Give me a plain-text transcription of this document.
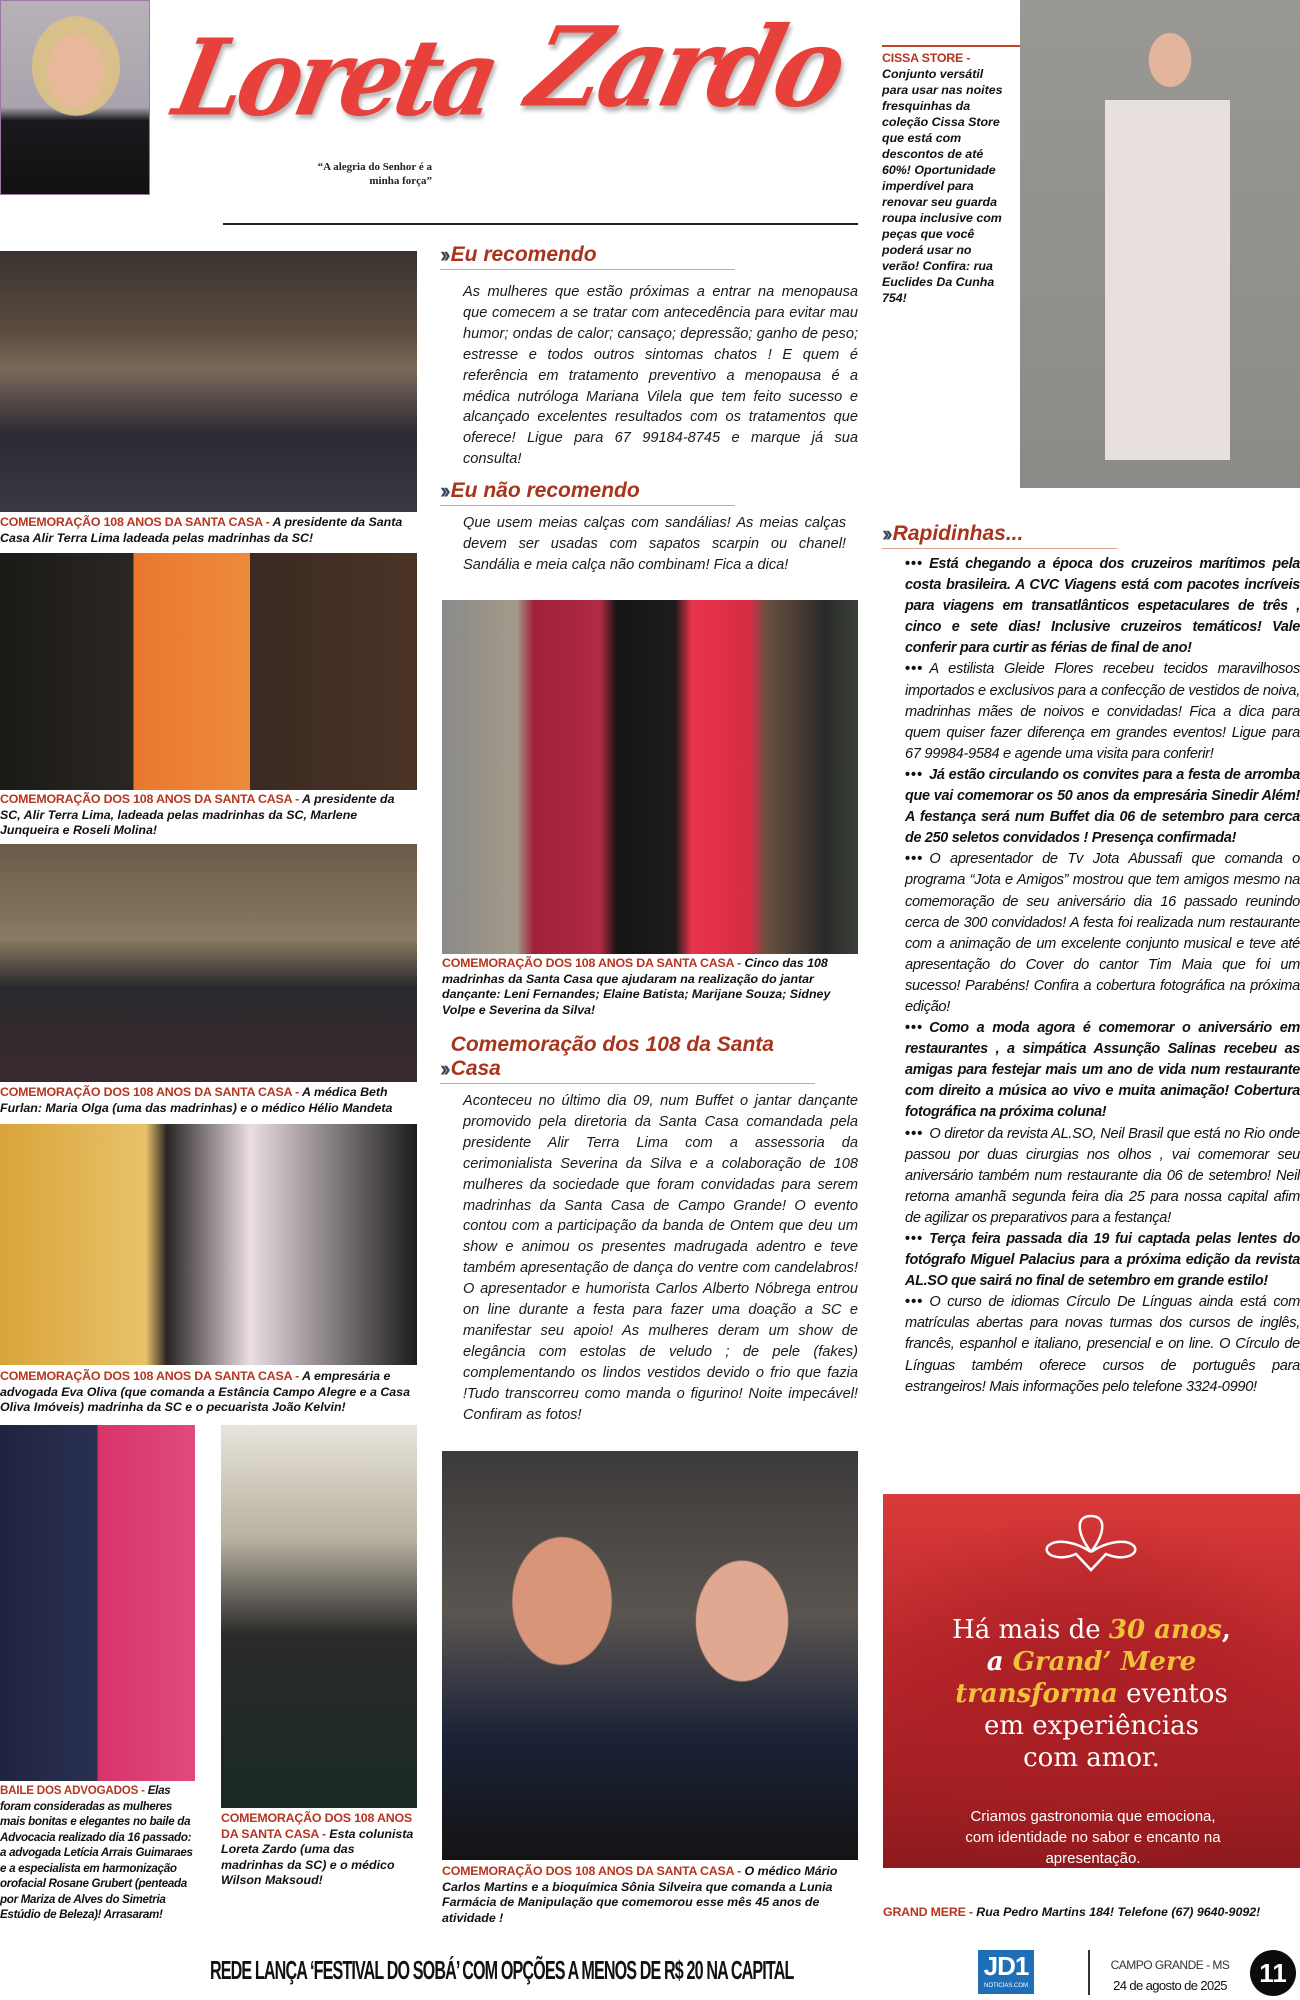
Loreta Zardo
“A alegria do Senhor é a minha força”
CISSA STORE - Conjunto versátil para usar nas noites fresquinhas da coleção Cissa Store que está com descontos de até 60%! Oportunidade imperdível para renovar seu guarda roupa inclusive com peças que você poderá usar no verão! Confira: rua Euclides Da Cunha 754!
COMEMORAÇÃO 108 ANOS DA SANTA CASA - A presidente da Santa Casa Alir Terra Lima ladeada pelas madrinhas da SC!
COMEMORAÇÃO DOS 108 ANOS DA SANTA CASA - A presidente da SC, Alir Terra Lima, ladeada pelas madrinhas da SC, Marlene Junqueira e Roseli Molina!
COMEMORAÇÃO DOS 108 ANOS DA SANTA CASA - A médica Beth Furlan: Maria Olga (uma das madrinhas) e o médico Hélio Mandeta
COMEMORAÇÃO DOS 108 ANOS DA SANTA CASA - A empresária e advogada Eva Oliva (que comanda a Estância Campo Alegre e a Casa Oliva Imóveis) madrinha da SC e o pecuarista João Kelvin!
BAILE DOS ADVOGADOS - Elas foram consideradas as mulheres mais bonitas e elegantes no baile da Advocacia realizado dia 16 passado: a advogada Letícia Arrais Guimaraes e a especialista em harmonização orofacial Rosane Grubert (penteada por Mariza de Alves do Simetria Estúdio de Beleza)! Arrasaram!
COMEMORAÇÃO DOS 108 ANOS DA SANTA CASA - Esta colunista Loreta Zardo (uma das madrinhas da SC) e o médico Wilson Maksoud!
›› Eu recomendo
As mulheres que estão próximas a entrar na menopausa que comecem a se tratar com antecedência para evitar mau humor; ondas de calor; cansaço; depressão; ganho de peso; estresse e todos outros sintomas chatos ! E quem é referência em tratamento preventivo a menopausa é a médica nutróloga Mariana Vilela que tem feito sucesso e alcançado excelentes resultados com os tratamentos que oferece! Ligue para 67 99184-8745 e marque já sua consulta!
›› Eu não recomendo
Que usem meias calças com sandálias! As meias calças devem ser usadas com sapatos scarpin ou chanel! Sandália e meia calça não combinam! Fica a dica!
COMEMORAÇÃO DOS 108 ANOS DA SANTA CASA - Cinco das 108 madrinhas da Santa Casa que ajudaram na realização do jantar dançante: Leni Fernandes; Elaine Batista; Marijane Souza; Sidney Volpe e Severina da Silva!
››
Comemoração dos 108 da Santa Casa
Aconteceu no último dia 09, num Buffet o jantar dançante promovido pela diretoria da Santa Casa comandada pela presidente Alir Terra Lima com a assessoria da cerimonialista Severina da Silva e a colaboração de 108 mulheres da sociedade que foram convidadas para serem madrinhas da Santa Casa de Campo Grande! O evento contou com a participação da banda de Ontem que deu um show e animou os presentes madrugada adentro e teve também apresentação de dança do ventre com candelabros! O apresentador e humorista Carlos Alberto Nóbrega entrou on line durante a festa para fazer uma doação a SC e manifestar seu apoio! As mulheres deram um show de elegância com estolas de veludo ; de pele (fakes) complementando os lindos vestidos devido o frio que fazia !Tudo transcorreu como manda o figurino! Noite impecável! Confiram as fotos!
COMEMORAÇÃO DOS 108 ANOS DA SANTA CASA - O médico Mário Carlos Martins e a bioquímica Sônia Silveira que comanda a Lunia Farmácia de Manipulação que comemorou esse mês 45 anos de atividade !
›› Rapidinhas...

••• Está chegando a época dos cruzeiros marítimos pela costa brasileira. A CVC Viagens está com pacotes incríveis para viagens em transatlânticos espetaculares de três , cinco e sete dias! Inclusive cruzeiros temáticos! Vale conferir para curtir as férias de final de ano!

••• A estilista Gleide Flores recebeu tecidos maravilhosos importados e exclusivos para a confecção de vestidos de noiva, madrinhas mães de noivos e convidadas! Fica a dica para quem quiser fazer diferença em grandes eventos! Ligue para 67 99984-9584 e agende uma visita para conferir!

••• Já estão circulando os convites para a festa de arromba que vai comemorar os 50 anos da empresária Sinedir Além! A festança será num Buffet dia 06 de setembro para cerca de 250 seletos convidados ! Presença confirmada!

••• O apresentador de Tv Jota Abussafi que comanda o programa “Jota e Amigos” mostrou que tem amigos mesmo na comemoração de seu aniversário dia 16 passado reunindo cerca de 300 convidados! A festa foi realizada num restaurante com a animação de um excelente conjunto musical e teve até apresentação do Cover do cantor Tim Maia que foi um sucesso! Parabéns! Confira a cobertura fotográfica na próxima edição!

••• Como a moda agora é comemorar o aniversário em restaurantes , a simpática Assunção Salinas recebeu as amigas para festejar mais um ano de vida num restaurante com direito a música ao vivo e muita animação! Cobertura fotográfica na próxima coluna!

••• O diretor da revista AL.SO, Neil Brasil que está no Rio onde passou por duas cirurgias nos olhos , vai comemorar seu aniversário também num restaurante dia 06 de setembro! Neil retorna amanhã segunda feira dia 25 para nossa capital afim de agilizar os preparativos para a festança!

••• Terça feira passada dia 19 fui captada pelas lentes do fotógrafo Miguel Palacius para a próxima edição da revista AL.SO que sairá no final de setembro em grande estilo!

••• O curso de idiomas Círculo De Línguas ainda está com matrículas abertas para novas turmas dos cursos de inglês, francês, espanhol e italiano, presencial e on line. O Círculo de Línguas também oferece cursos de português para estrangeiros! Mais informações pelo telefone 3324-0990!

Há mais de 30 anos,
a Grand’ Mere
transforma eventos
em experiências
com amor.
Criamos gastronomia que emociona, com identidade no sabor e encanto na apresentação.
GRAND MERE - Rua Pedro Martins 184! Telefone (67) 9640-9092!
REDE LANÇA ‘FESTIVAL DO SOBÁ’ COM OPÇÕES A MENOS DE R$ 20 NA CAPITAL	JD1
NOTICIAS.COM
CAMPO GRANDE - MS
24 de agosto de 2025	11
